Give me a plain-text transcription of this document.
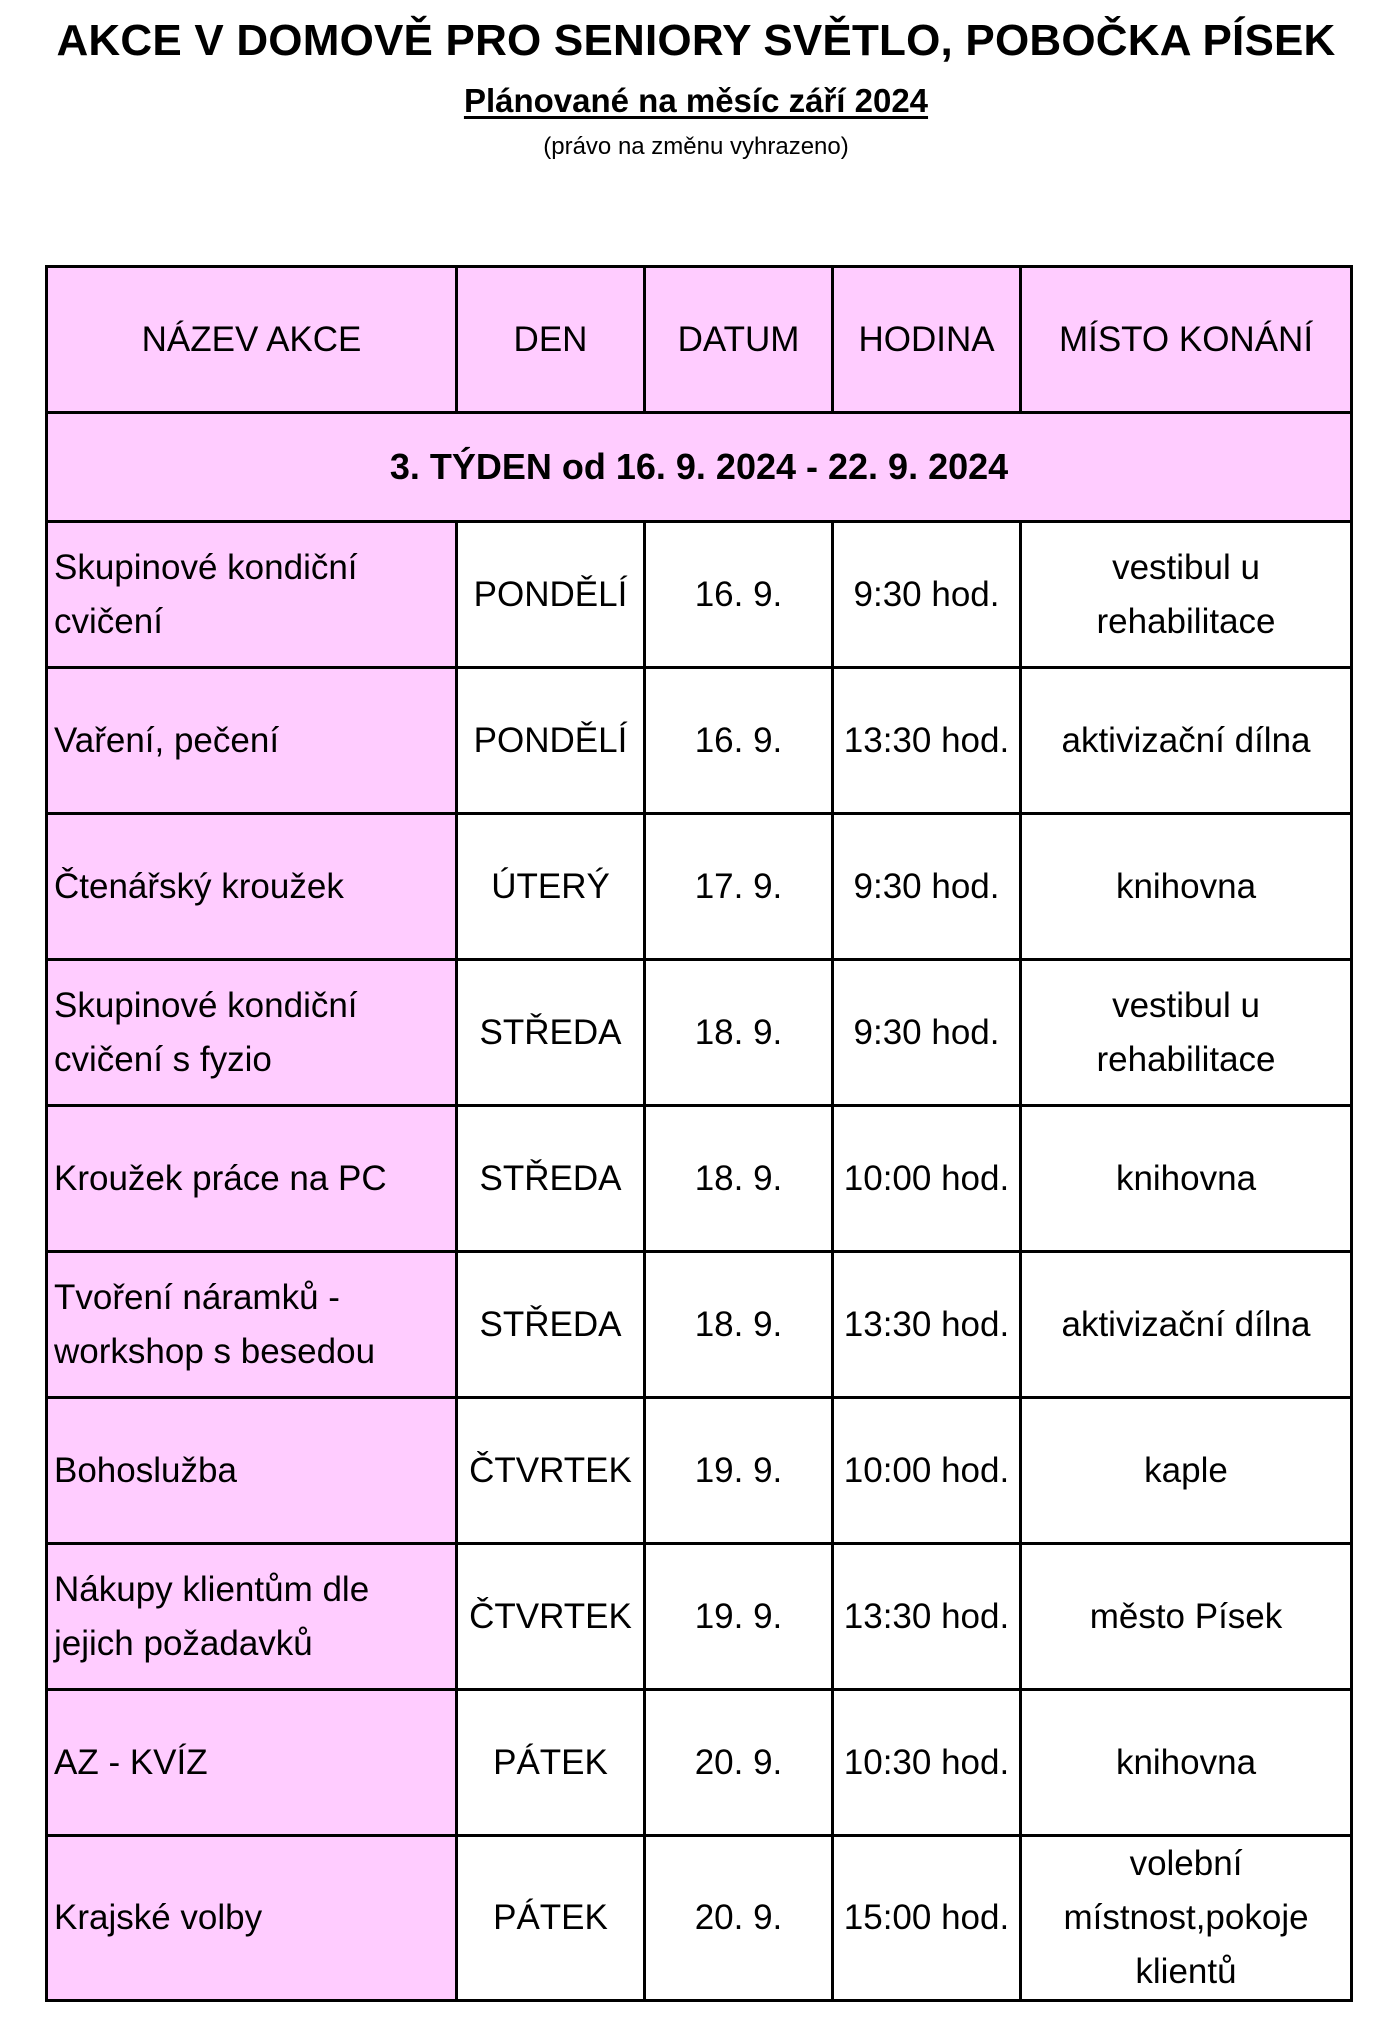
AKCE V DOMOVĚ PRO SENIORY SVĚTLO, POBOČKA PÍSEK
Plánované na měsíc září 2024
(právo na změnu vyhrazeno)
NÁZEV AKCE	DEN	DATUM	HODINA	MÍSTO KONÁNÍ
3. TÝDEN od 16. 9. 2024 - 22. 9. 2024				
Skupinové kondiční cvičení	PONDĚLÍ	16. 9.	9:30 hod.	vestibul u rehabilitace
Vaření, pečení	PONDĚLÍ	16. 9.	13:30 hod.	aktivizační dílna
Čtenářský kroužek	ÚTERÝ	17. 9.	9:30 hod.	knihovna
Skupinové kondiční cvičení s fyzio	STŘEDA	18. 9.	9:30 hod.	vestibul u rehabilitace
Kroužek práce na PC	STŘEDA	18. 9.	10:00 hod.	knihovna
Tvoření náramků - workshop s besedou	STŘEDA	18. 9.	13:30 hod.	aktivizační dílna
Bohoslužba	ČTVRTEK	19. 9.	10:00 hod.	kaple
Nákupy klientům dle jejich požadavků	ČTVRTEK	19. 9.	13:30 hod.	město Písek
AZ - KVÍZ	PÁTEK	20. 9.	10:30 hod.	knihovna
Krajské volby	PÁTEK	20. 9.	15:00 hod.	volební místnost,pokoje klientů
